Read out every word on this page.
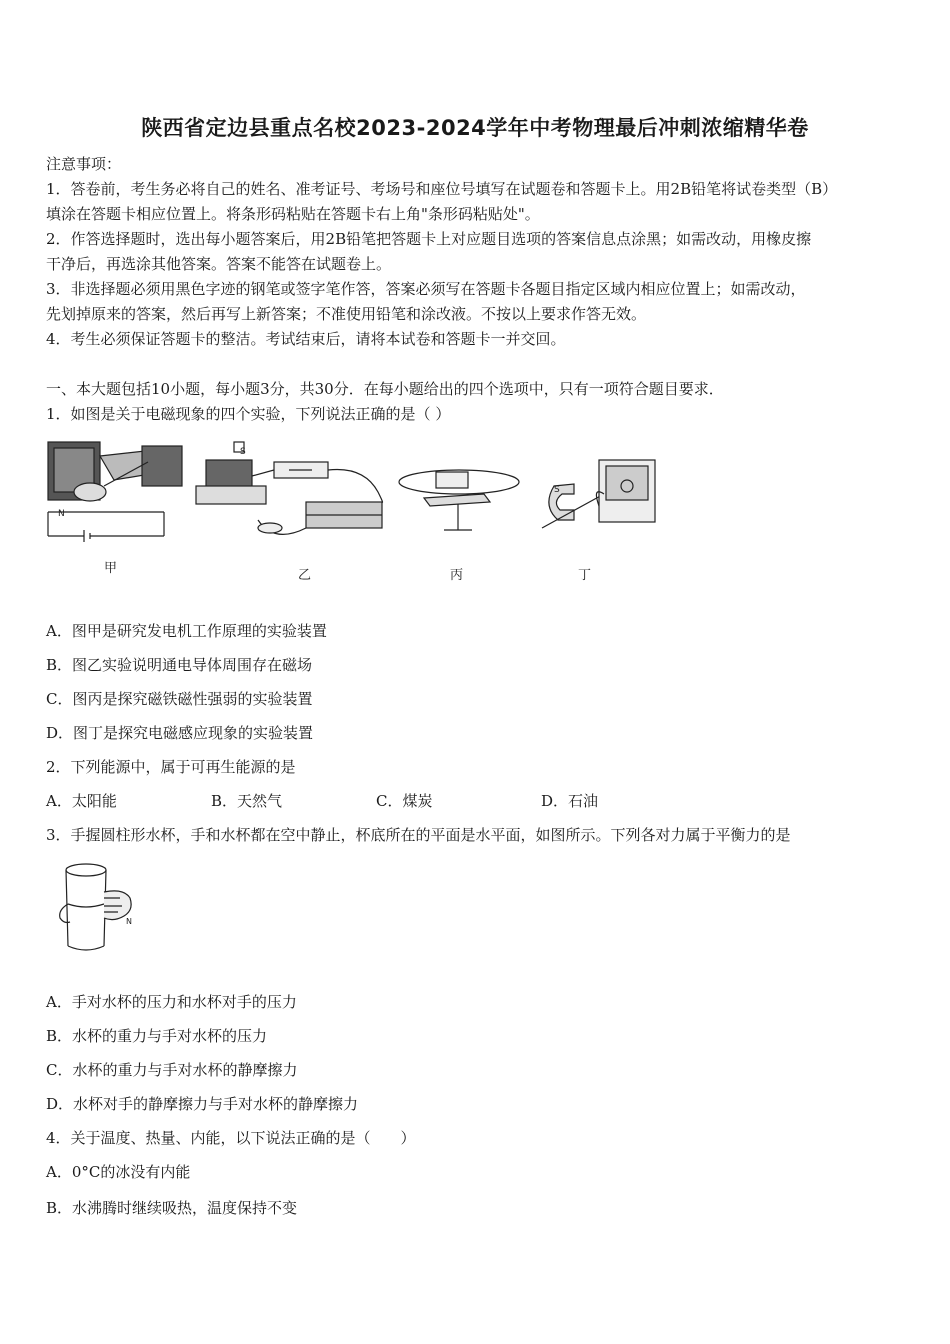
陕西省定边县重点名校2023-2024学年中考物理最后冲刺浓缩精华卷
注意事项：
1．答卷前，考生务必将自己的姓名、准考证号、考场号和座位号填写在试题卷和答题卡上。用2B铅笔将试卷类型（B）
填涂在答题卡相应位置上。将条形码粘贴在答题卡右上角"条形码粘贴处"。
2．作答选择题时，选出每小题答案后，用2B铅笔把答题卡上对应题目选项的答案信息点涂黑；如需改动，用橡皮擦
干净后，再选涂其他答案。答案不能答在试题卷上。
3．非选择题必须用黑色字迹的钢笔或签字笔作答，答案必须写在答题卡各题目指定区域内相应位置上；如需改动，
先划掉原来的答案，然后再写上新答案；不准使用铅笔和涂改液。不按以上要求作答无效。
4．考生必须保证答题卡的整洁。考试结束后，请将本试卷和答题卡一并交回。
一、本大题包括10小题，每小题3分，共30分．在每小题给出的四个选项中，只有一项符合题目要求．
1．如图是关于电磁现象的四个实验，下列说法正确的是（ ）
N
S
S
甲	乙	丙	丁
A．图甲是研究发电机工作原理的实验装置
B．图乙实验说明通电导体周围存在磁场
C．图丙是探究磁铁磁性强弱的实验装置
D．图丁是探究电磁感应现象的实验装置
2．下列能源中，属于可再生能源的是
A．太阳能	B．天然气	C．煤炭	D．石油
3．手握圆柱形水杯，手和水杯都在空中静止，杯底所在的平面是水平面，如图所示。下列各对力属于平衡力的是
N
A．手对水杯的压力和水杯对手的压力
B．水杯的重力与手对水杯的压力
C．水杯的重力与手对水杯的静摩擦力
D．水杯对手的静摩擦力与手对水杯的静摩擦力
4．关于温度、热量、内能，以下说法正确的是（　　）
A．0°C的冰没有内能
B．水沸腾时继续吸热，温度保持不变
